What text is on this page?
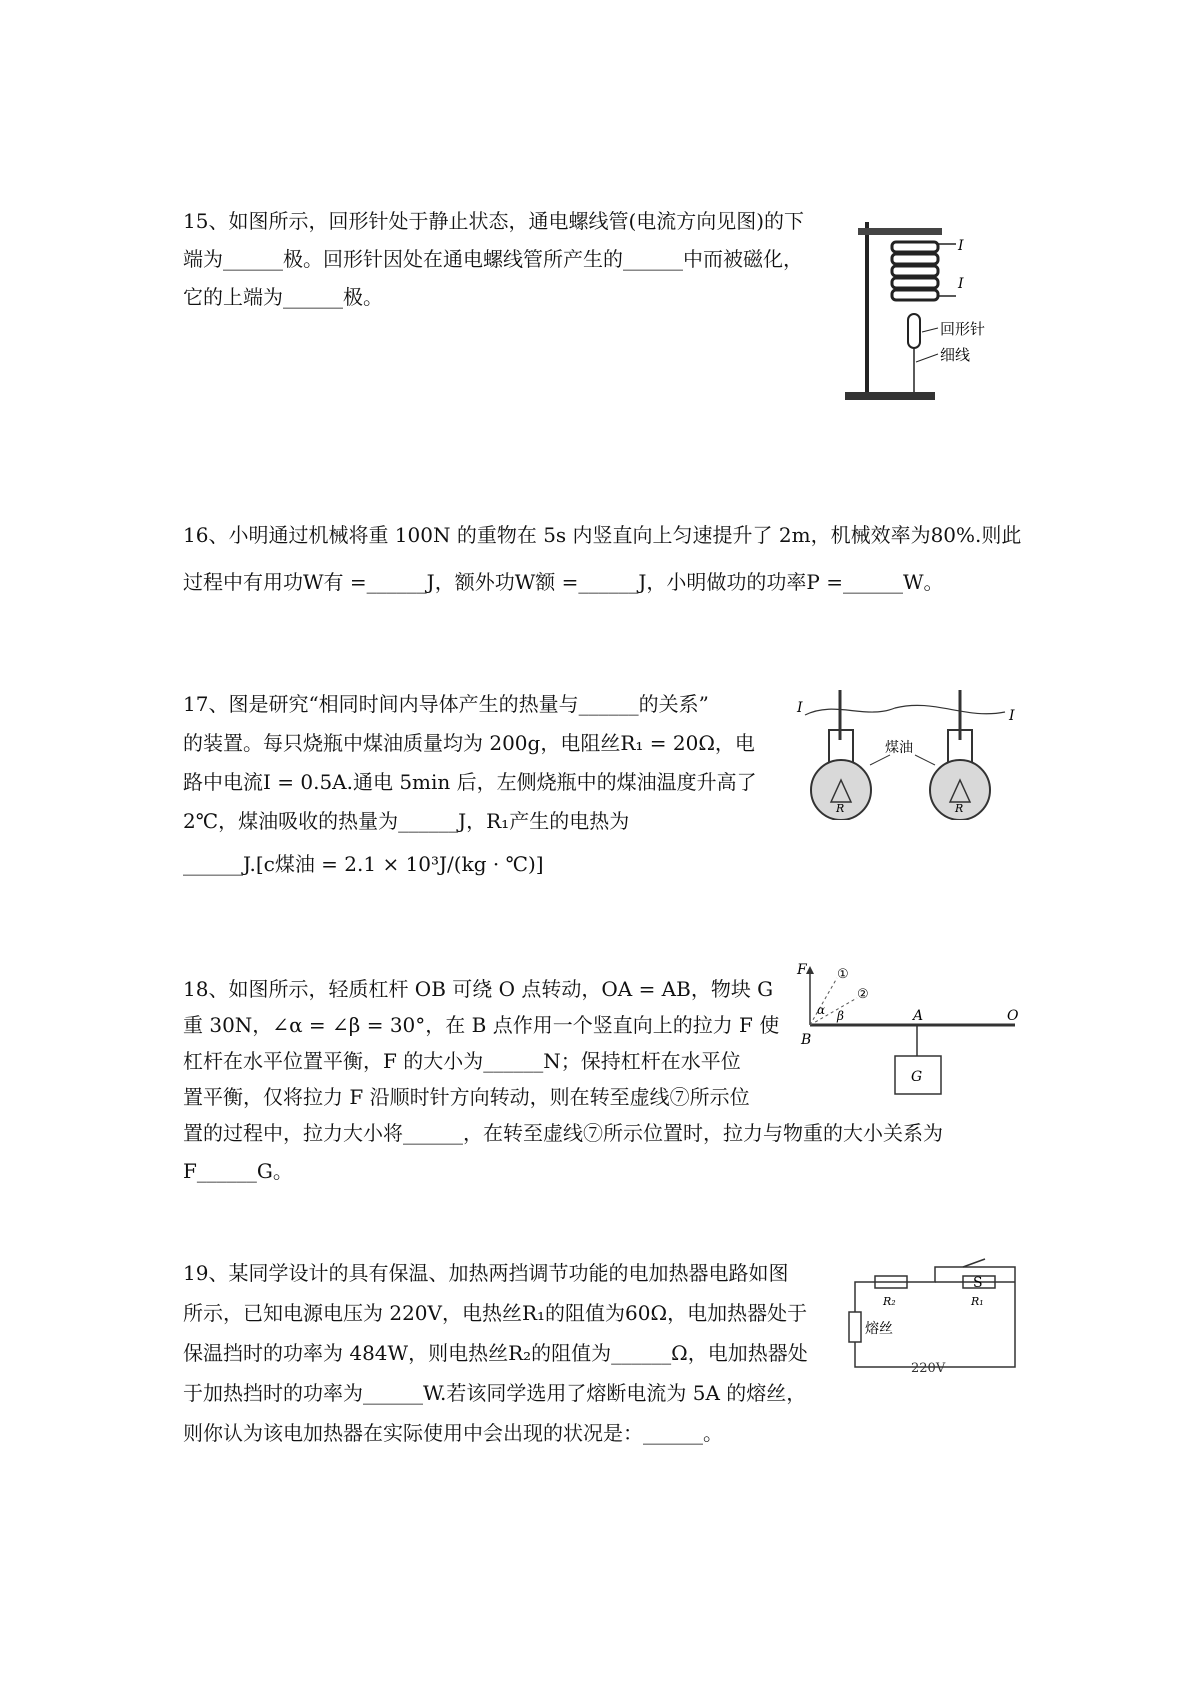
15、如图所示，回形针处于静止状态，通电螺线管(电流方向见图)的下
端为______极。回形针因处在通电螺线管所产生的______中而被磁化，
它的上端为______极。
I
I
回形针
细线
16、小明通过机械将重 100N 的重物在 5s 内竖直向上匀速提升了 2m，机械效率为80%.则此
过程中有用功W有 =______J，额外功W额 =______J，小明做功的功率P =______W。
17、图是研究“相同时间内导体产生的热量与______的关系”
的装置。每只烧瓶中煤油质量均为 200g，电阻丝R₁ = 20Ω，电
路中电流I = 0.5A.通电 5min 后，左侧烧瓶中的煤油温度升高了
2℃，煤油吸收的热量为______J，R₁产生的电热为
______J.[c煤油 = 2.1 × 10³J/(kg · ℃)]
I	I
R	R
煤油
18、如图所示，轻质杠杆 OB 可绕 O 点转动，OA = AB，物块 G
重 30N，∠α = ∠β = 30°，在 B 点作用一个竖直向上的拉力 F 使
杠杆在水平位置平衡，F 的大小为______N；保持杠杆在水平位
置平衡，仅将拉力 F 沿顺时针方向转动，则在转至虚线⑦所示位
置的过程中，拉力大小将______，在转至虚线⑦所示位置时，拉力与物重的大小关系为
F______G。
F ①
②
α β
B
A	O
G
19、某同学设计的具有保温、加热两挡调节功能的电加热器电路如图
所示，已知电源电压为 220V，电热丝R₁的阻值为60Ω，电加热器处于
保温挡时的功率为 484W，则电热丝R₂的阻值为______Ω，电加热器处
于加热挡时的功率为______W.若该同学选用了熔断电流为 5A 的熔丝，
则你认为该电加热器在实际使用中会出现的状况是：______。
S
R₂	R₁
熔丝
220V
